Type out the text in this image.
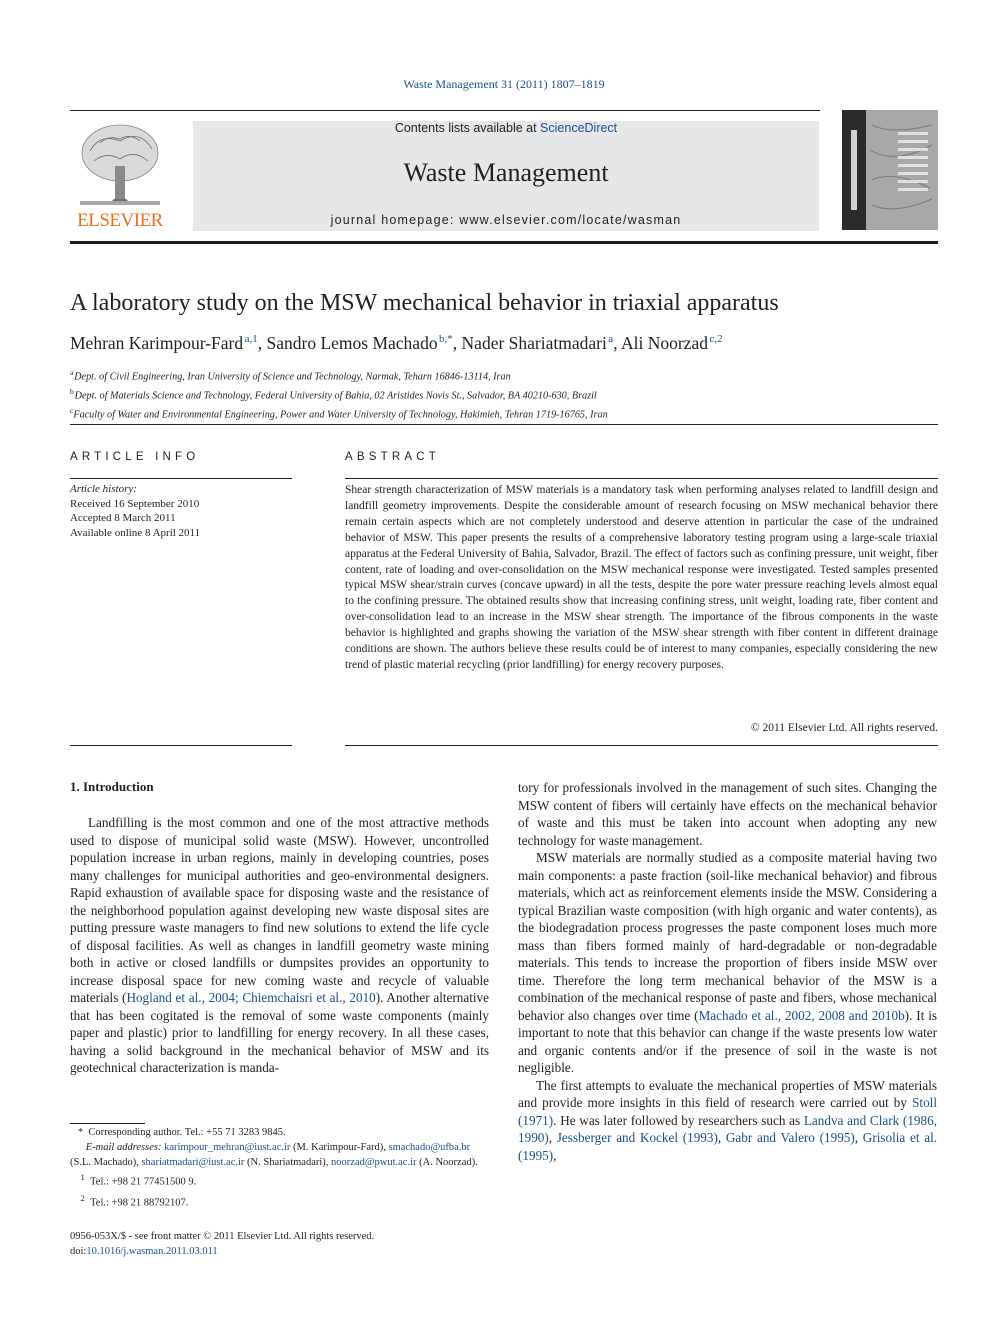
Waste Management 31 (2011) 1807–1819
ELSEVIER
Contents lists available at ScienceDirect
Waste Management
journal homepage: www.elsevier.com/locate/wasman
A laboratory study on the MSW mechanical behavior in triaxial apparatus
Mehran Karimpour-Fard $^{a,1}$, Sandro Lemos Machado $^{b,*}$, Nader Shariatmadari $^a$, Ali Noorzad $^{c,2}$
$^a$ Dept. of Civil Engineering, Iran University of Science and Technology, Narmak, Teharn 16846-13114, Iran
$^b$ Dept. of Materials Science and Technology, Federal University of Bahia, 02 Aristides Novis St., Salvador, BA 40210-630, Brazil
$^c$Faculty of Water and Environmental Engineering, Power and Water University of Technology, Hakimieh, Tehran 1719-16765, Iran
ARTICLE INFO	ABSTRACT
Article history:
Received 16 September 2010
Accepted 8 March 2011
Available online 8 April 2011
Shear strength characterization of MSW materials is a mandatory task when performing analyses related to landfill design and landfill geometry improvements. Despite the considerable amount of research focusing on MSW mechanical behavior there remain certain aspects which are not completely understood and deserve attention in particular the case of the undrained behavior of MSW. This paper presents the results of a comprehensive laboratory testing program using a large-scale triaxial apparatus at the Federal University of Bahia, Salvador, Brazil. The effect of factors such as confining pressure, unit weight, fiber content, rate of loading and over-consolidation on the MSW mechanical response were investigated. Tested samples presented typical MSW shear/strain curves (concave upward) in all the tests, despite the pore water pressure reaching levels almost equal to the confining pressure. The obtained results show that increasing confining stress, unit weight, loading rate, fiber content and over-consolidation lead to an increase in the MSW shear strength. The importance of the fibrous components in the waste behavior is highlighted and graphs showing the variation of the MSW shear strength with fiber content in different drainage conditions are shown. The authors believe these results could be of interest to many companies, especially considering the new trend of plastic material recycling (prior landfilling) for energy recovery purposes.
© 2011 Elsevier Ltd. All rights reserved.
1. Introduction

Landfilling is the most common and one of the most attractive methods used to dispose of municipal solid waste (MSW). However, uncontrolled population increase in urban regions, mainly in developing countries, poses many challenges for municipal authorities and geo-environmental designers. Rapid exhaustion of available space for disposing waste and the resistance of the neighborhood population against developing new waste disposal sites are putting pressure waste managers to find new solutions to extend the life cycle of disposal facilities. As well as changes in landfill geometry waste mining both in active or closed landfills or dumpsites provides an opportunity to increase disposal space for new coming waste and recycle of valuable materials (Hogland et al., 2004; Chiemchaisri et al., 2010). Another alternative that has been cogitated is the removal of some waste components (mainly paper and plastic) prior to landfilling for energy recovery. In all these cases, having a solid background in the mechanical behavior of MSW and its geotechnical characterization is manda-

tory for professionals involved in the management of such sites. Changing the MSW content of fibers will certainly have effects on the mechanical behavior of waste and this must be taken into account when adopting any new technology for waste management.

MSW materials are normally studied as a composite material having two main components: a paste fraction (soil-like mechanical behavior) and fibrous materials, which act as reinforcement elements inside the MSW. Considering a typical Brazilian waste composition (with high organic and water contents), as the biodegradation process progresses the paste component loses much more mass than fibers formed mainly of hard-degradable or non-degradable materials. This tends to increase the proportion of fibers inside MSW over time. Therefore the long term mechanical behavior of the MSW is a combination of the mechanical response of paste and fibers, whose mechanical behavior also changes over time (Machado et al., 2002, 2008 and 2010b). It is important to note that this behavior can change if the waste presents low water and organic contents and/or if the presence of soil in the waste is not negligible.

The first attempts to evaluate the mechanical properties of MSW materials and provide more insights in this field of research were carried out by Stoll (1971). He was later followed by researchers such as Landva and Clark (1986, 1990), Jessberger and Kockel (1993), Gabr and Valero (1995), Grisolia et al. (1995),

*  Corresponding author. Tel.: +55 71 3283 9845.

E-mail addresses: karimpour_mehran@iust.ac.ir (M. Karimpour-Fard), smachado@ufba.br (S.L. Machado), shariatmadari@iust.ac.ir (N. Shariatmadari), noorzad@pwut.ac.ir (A. Noorzad).

$^1$ Tel.: +98 21 77451500 9.

$^2$ Tel.: +98 21 88792107.

0956-053X/$ - see front matter © 2011 Elsevier Ltd. All rights reserved.
doi:10.1016/j.wasman.2011.03.011
